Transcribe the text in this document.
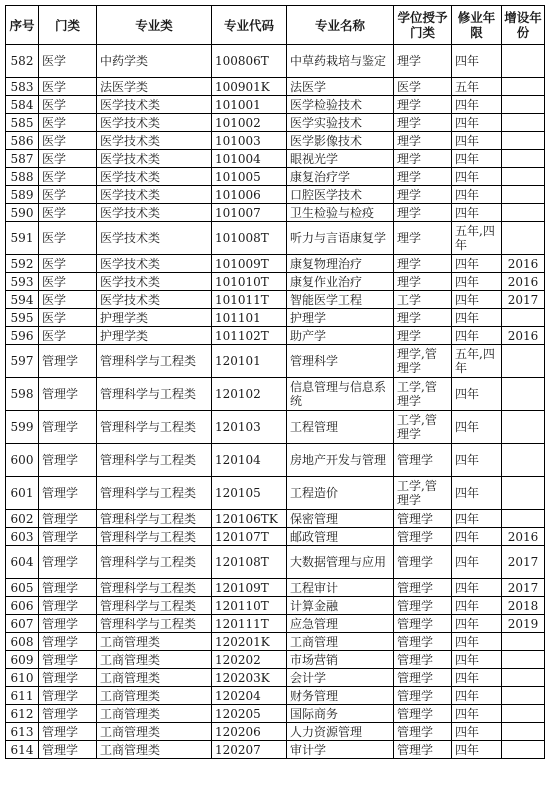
序号	门类	专业类	专业代码	专业名称	学位授予门类	修业年限	增设年份
582	医学	中药学类	100806T	中草药栽培与鉴定	理学	四年	
583	医学	法医学类	100901K	法医学	医学	五年	
584	医学	医学技术类	101001	医学检验技术	理学	四年	
585	医学	医学技术类	101002	医学实验技术	理学	四年	
586	医学	医学技术类	101003	医学影像技术	理学	四年	
587	医学	医学技术类	101004	眼视光学	理学	四年	
588	医学	医学技术类	101005	康复治疗学	理学	四年	
589	医学	医学技术类	101006	口腔医学技术	理学	四年	
590	医学	医学技术类	101007	卫生检验与检疫	理学	四年	
591	医学	医学技术类	101008T	听力与言语康复学	理学	五年,四年	
592	医学	医学技术类	101009T	康复物理治疗	理学	四年	2016
593	医学	医学技术类	101010T	康复作业治疗	理学	四年	2016
594	医学	医学技术类	101011T	智能医学工程	工学	四年	2017
595	医学	护理学类	101101	护理学	理学	四年	
596	医学	护理学类	101102T	助产学	理学	四年	2016
597	管理学	管理科学与工程类	120101	管理科学	理学,管理学	五年,四年	
598	管理学	管理科学与工程类	120102	信息管理与信息系统	工学,管理学	四年	
599	管理学	管理科学与工程类	120103	工程管理	工学,管理学	四年	
600	管理学	管理科学与工程类	120104	房地产开发与管理	管理学	四年	
601	管理学	管理科学与工程类	120105	工程造价	工学,管理学	四年	
602	管理学	管理科学与工程类	120106TK	保密管理	管理学	四年	
603	管理学	管理科学与工程类	120107T	邮政管理	管理学	四年	2016
604	管理学	管理科学与工程类	120108T	大数据管理与应用	管理学	四年	2017
605	管理学	管理科学与工程类	120109T	工程审计	管理学	四年	2017
606	管理学	管理科学与工程类	120110T	计算金融	管理学	四年	2018
607	管理学	管理科学与工程类	120111T	应急管理	管理学	四年	2019
608	管理学	工商管理类	120201K	工商管理	管理学	四年	
609	管理学	工商管理类	120202	市场营销	管理学	四年	
610	管理学	工商管理类	120203K	会计学	管理学	四年	
611	管理学	工商管理类	120204	财务管理	管理学	四年	
612	管理学	工商管理类	120205	国际商务	管理学	四年	
613	管理学	工商管理类	120206	人力资源管理	管理学	四年	
614	管理学	工商管理类	120207	审计学	管理学	四年	
